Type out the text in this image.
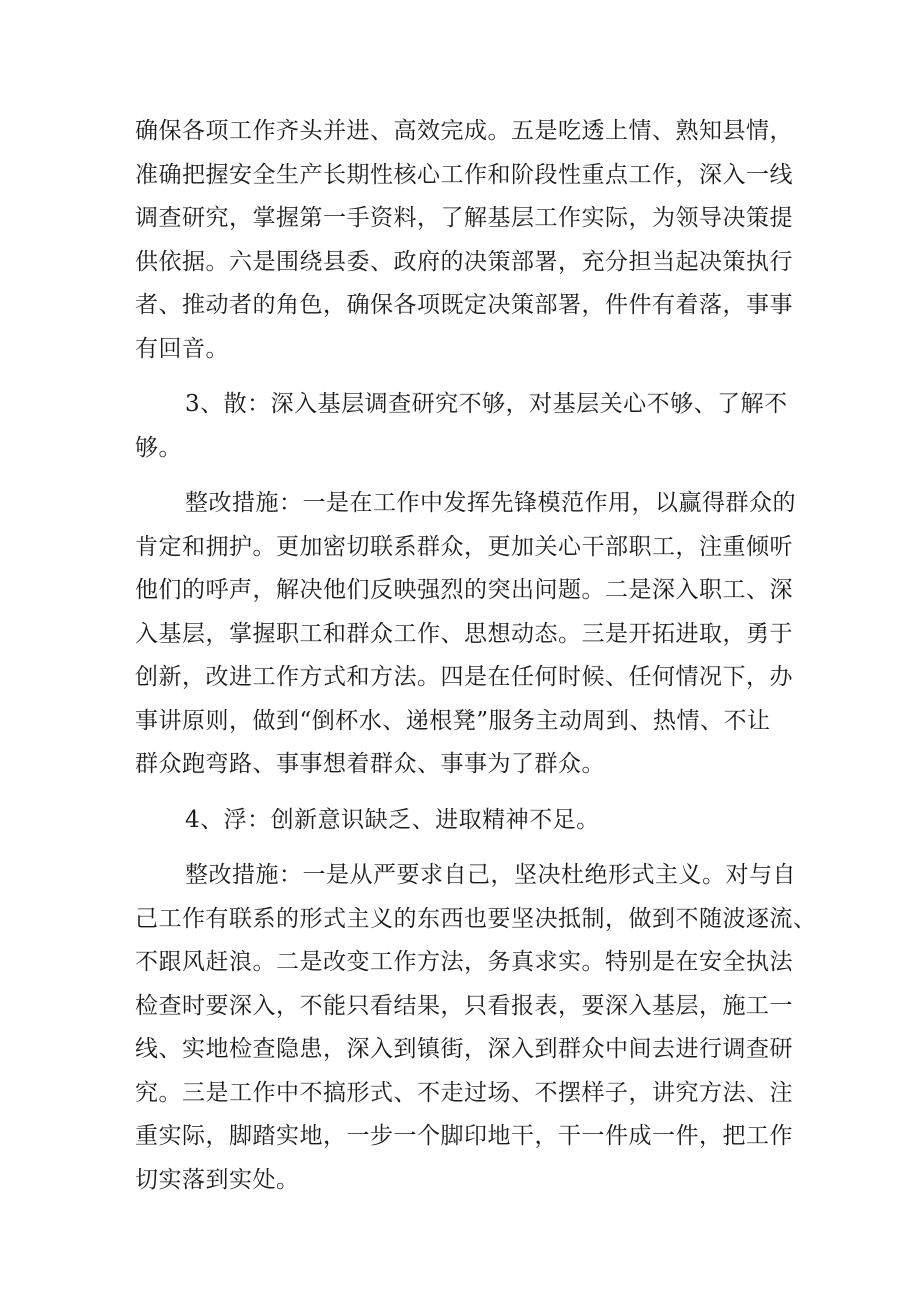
确保各项工作齐头并进、高效完成。五是吃透上情、熟知县情，
准确把握安全生产长期性核心工作和阶段性重点工作，深入一线
调查研究，掌握第一手资料，了解基层工作实际，为领导决策提
供依据。六是围绕县委、政府的决策部署，充分担当起决策执行
者、推动者的角色，确保各项既定决策部署，件件有着落，事事
有回音。

3、散：深入基层调查研究不够，对基层关心不够、了解不
够。

整改措施：一是在工作中发挥先锋模范作用，以赢得群众的
肯定和拥护。更加密切联系群众，更加关心干部职工，注重倾听
他们的呼声，解决他们反映强烈的突出问题。二是深入职工、深
入基层，掌握职工和群众工作、思想动态。三是开拓进取，勇于
创新，改进工作方式和方法。四是在任何时候、任何情况下，办
事讲原则，做到“倒杯水、递根凳”服务主动周到、热情、不让
群众跑弯路、事事想着群众、事事为了群众。

4、浮：创新意识缺乏、进取精神不足。

整改措施：一是从严要求自己，坚决杜绝形式主义。对与自
己工作有联系的形式主义的东西也要坚决抵制，做到不随波逐流、
不跟风赶浪。二是改变工作方法，务真求实。特别是在安全执法
检查时要深入，不能只看结果，只看报表，要深入基层，施工一
线、实地检查隐患，深入到镇街，深入到群众中间去进行调查研
究。三是工作中不搞形式、不走过场、不摆样子，讲究方法、注
重实际，脚踏实地，一步一个脚印地干，干一件成一件，把工作
切实落到实处。
